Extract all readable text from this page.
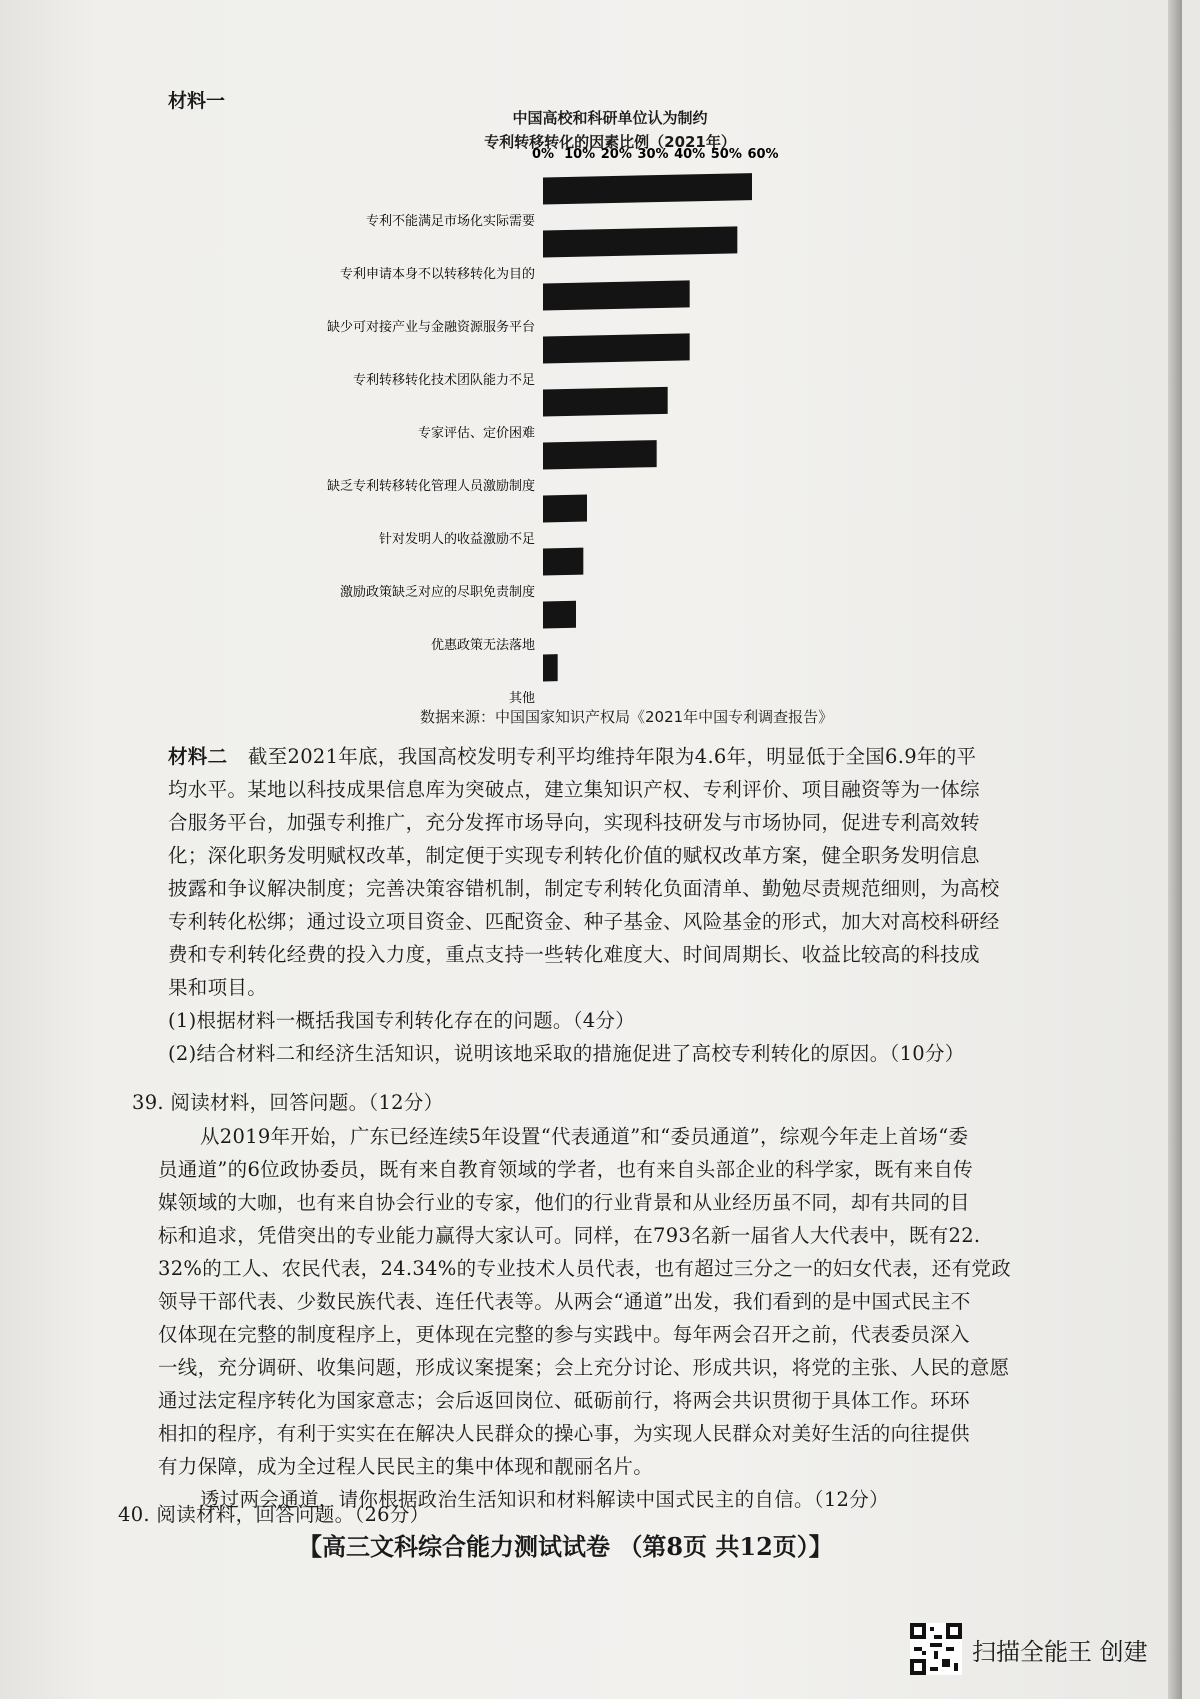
材料一
中国高校和科研单位认为制约
专利转移转化的因素比例（2021年）
0% 10% 20% 30% 40% 50% 60%
专利不能满足市场化实际需要
专利申请本身不以转移转化为目的
缺少可对接产业与金融资源服务平台
专利转移转化技术团队能力不足
专家评估、定价困难
缺乏专利转移转化管理人员激励制度
针对发明人的收益激励不足
激励政策缺乏对应的尽职免责制度
优惠政策无法落地
其他
数据来源：中国国家知识产权局《2021年中国专利调查报告》
材料二 截至2021年底，我国高校发明专利平均维持年限为4.6年，明显低于全国6.9年的平
均水平。某地以科技成果信息库为突破点，建立集知识产权、专利评价、项目融资等为一体综
合服务平台，加强专利推广，充分发挥市场导向，实现科技研发与市场协同，促进专利高效转
化；深化职务发明赋权改革，制定便于实现专利转化价值的赋权改革方案，健全职务发明信息
披露和争议解决制度；完善决策容错机制，制定专利转化负面清单、勤勉尽责规范细则，为高校
专利转化松绑；通过设立项目资金、匹配资金、种子基金、风险基金的形式，加大对高校科研经
费和专利转化经费的投入力度，重点支持一些转化难度大、时间周期长、收益比较高的科技成
果和项目。
(1)根据材料一概括我国专利转化存在的问题。（4分）
(2)结合材料二和经济生活知识，说明该地采取的措施促进了高校专利转化的原因。（10分）
39. 阅读材料，回答问题。（12分）
从2019年开始，广东已经连续5年设置“代表通道”和“委员通道”，综观今年走上首场“委
员通道”的6位政协委员，既有来自教育领域的学者，也有来自头部企业的科学家，既有来自传
媒领域的大咖，也有来自协会行业的专家，他们的行业背景和从业经历虽不同，却有共同的目
标和追求，凭借突出的专业能力赢得大家认可。同样，在793名新一届省人大代表中，既有22.
32%的工人、农民代表，24.34%的专业技术人员代表，也有超过三分之一的妇女代表，还有党政
领导干部代表、少数民族代表、连任代表等。从两会“通道”出发，我们看到的是中国式民主不
仅体现在完整的制度程序上，更体现在完整的参与实践中。每年两会召开之前，代表委员深入
一线，充分调研、收集问题，形成议案提案；会上充分讨论、形成共识，将党的主张、人民的意愿
通过法定程序转化为国家意志；会后返回岗位、砥砺前行，将两会共识贯彻于具体工作。环环
相扣的程序，有利于实实在在解决人民群众的操心事，为实现人民群众对美好生活的向往提供
有力保障，成为全过程人民民主的集中体现和靓丽名片。
透过两会通道，请你根据政治生活知识和材料解读中国式民主的自信。（12分）
40. 阅读材料，回答问题。（26分）
【高三文科综合能力测试试卷 （第8页 共12页）】
扫描全能王 创建
